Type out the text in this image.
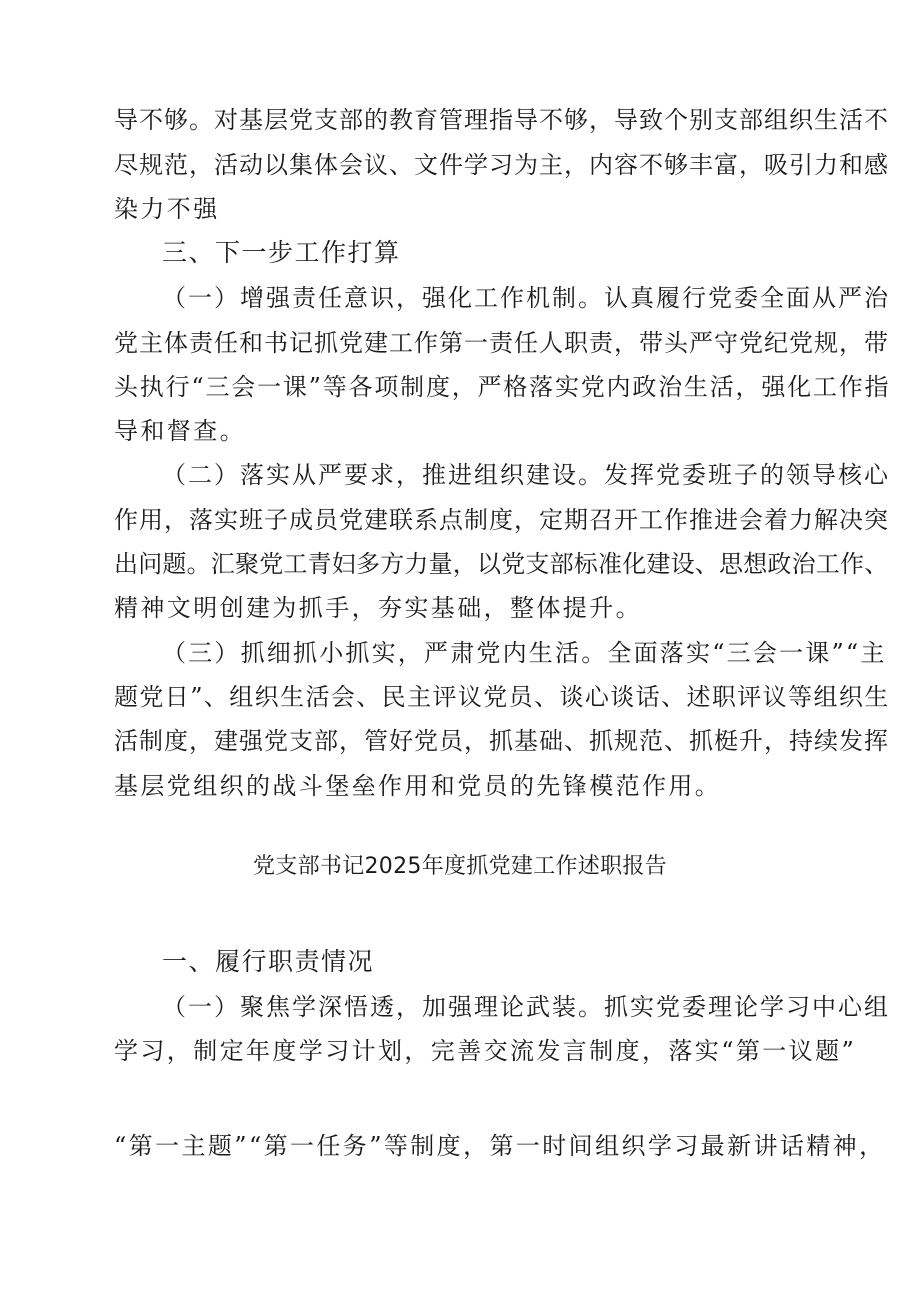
导不够。对基层党支部的教育管理指导不够，导致个别支部组织生活不
尽规范，活动以集体会议、文件学习为主，内容不够丰富，吸引力和感
染力不强
三、下一步工作打算
（一）增强责任意识，强化工作机制。认真履行党委全面从严治
党主体责任和书记抓党建工作第一责任人职责，带头严守党纪党规，带
头执行“三会一课”等各项制度，严格落实党内政治生活，强化工作指
导和督查。
（二）落实从严要求，推进组织建设。发挥党委班子的领导核心
作用，落实班子成员党建联系点制度，定期召开工作推进会着力解决突
出问题。汇聚党工青妇多方力量，以党支部标准化建设、思想政治工作、
精神文明创建为抓手，夯实基础，整体提升。
（三）抓细抓小抓实，严肃党内生活。全面落实“三会一课”“主
题党日”、组织生活会、民主评议党员、谈心谈话、述职评议等组织生
活制度，建强党支部，管好党员，抓基础、抓规范、抓梃升，持续发挥
基层党组织的战斗堡垒作用和党员的先锋模范作用。
党支部书记2025年度抓党建工作述职报告
一、履行职责情况
（一）聚焦学深悟透，加强理论武装。抓实党委理论学习中心组
学习，制定年度学习计划，完善交流发言制度，落实“第一议题”
“第一主题”“第一任务”等制度，第一时间组织学习最新讲话精神，
